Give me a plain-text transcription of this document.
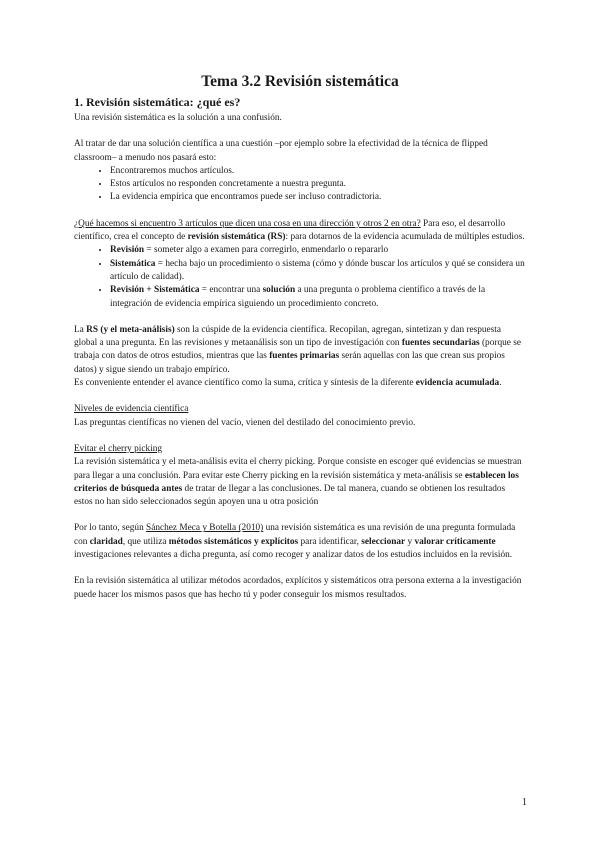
Tema 3.2 Revisión sistemática
1. Revisión sistemática: ¿qué es?

Una revisión sistemática es la solución a una confusión.

Al tratar de dar una solución científica a una cuestión –por ejemplo sobre la efectividad de la técnica de flipped classroom– a menudo nos pasará esto:

• Encontraremos muchos artículos.
• Estos artículos no responden concretamente a nuestra pregunta.
• La evidencia empírica que encontramos puede ser incluso contradictoria.

¿Qué hacemos si encuentro 3 artículos que dicen una cosa en una dirección y otros 2 en otra? Para eso, el desarrollo científico, crea el concepto de revisión sistemática (RS): para dotarnos de la evidencia acumulada de múltiples estudios.

• Revisión = someter algo a examen para corregirlo, enmendarlo o repararlo
• Sistemática = hecha bajo un procedimiento o sistema (cómo y dónde buscar los artículos y qué se considera un artículo de calidad).
• Revisión + Sistemática = encontrar una solución a una pregunta o problema científico a través de la integración de evidencia empírica siguiendo un procedimiento concreto.

La RS (y el meta-análisis) son la cúspide de la evidencia científica. Recopilan, agregan, sintetizan y dan respuesta global a una pregunta. En las revisiones y metaanálisis son un tipo de investigación con fuentes secundarias (porque se trabaja con datos de otros estudios, mientras que las fuentes primarias serán aquellas con las que crean sus propios datos) y sigue siendo un trabajo empírico.

Es conveniente entender el avance científico como la suma, crítica y síntesis de la diferente evidencia acumulada.

Niveles de evidencia científica

Las preguntas científicas no vienen del vacío, vienen del destilado del conocimiento previo.

Evitar el cherry picking

La revisión sistemática y el meta-análisis evita el cherry picking. Porque consiste en escoger qué evidencias se muestran para llegar a una conclusión. Para evitar este Cherry picking en la revisión sistemática y meta-análisis se establecen los criterios de búsqueda antes de tratar de llegar a las conclusiones. De tal manera, cuando se obtienen los resultados estos no han sido seleccionados según apoyen una u otra posición

Por lo tanto, según Sánchez Meca y Botella (2010) una revisión sistemática es una revisión de una pregunta formulada con claridad, que utiliza métodos sistemáticos y explícitos para identificar, seleccionar y valorar críticamente investigaciones relevantes a dicha pregunta, así como recoger y analizar datos de los estudios incluidos en la revisión.

En la revisión sistemática al utilizar métodos acordados, explícitos y sistemáticos otra persona externa a la investigación puede hacer los mismos pasos que has hecho tú y poder conseguir los mismos resultados.

1
